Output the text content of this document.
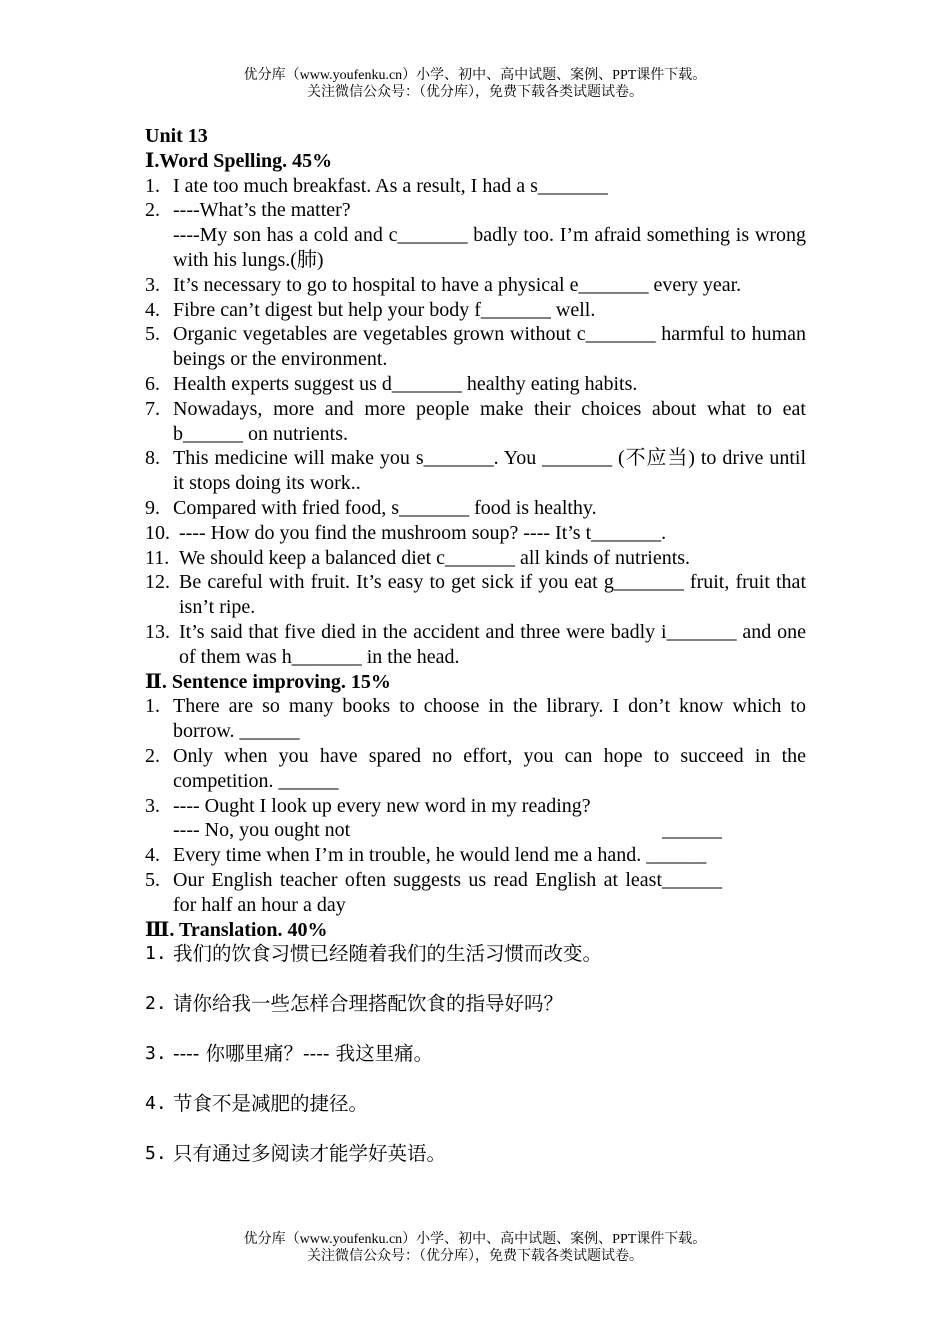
优分库（www.youfenku.cn）小学、初中、高中试题、案例、PPT课件下载。
关注微信公众号：（优分库），免费下载各类试题试卷。
Unit 13
Ⅰ.Word Spelling. 45%
1. I ate too much breakfast. As a result, I had a s_______
2. ----What’s the matter?
----My son has a cold and c_______ badly too. I’m afraid something is wrong with his lungs.(肺)
3. It’s necessary to go to hospital to have a physical e_______ every year.
4. Fibre can’t digest but help your body f_______ well.
5. Organic vegetables are vegetables grown without c_______ harmful to human beings or the environment.
6. Health experts suggest us d_______ healthy eating habits.
7. Nowadays, more and more people make their choices about what to eat b______ on nutrients.
8. This medicine will make you s_______. You _______ (不应当) to drive until it stops doing its work..
9. Compared with fried food, s_______ food is healthy.
10. ---- How do you find the mushroom soup? ---- It’s t_______.
11. We should keep a balanced diet c_______ all kinds of nutrients.
12. Be careful with fruit. It’s easy to get sick if you eat g_______ fruit, fruit that isn’t ripe.
13. It’s said that five died in the accident and three were badly i_______ and one of them was h_______ in the head.
Ⅱ. Sentence improving. 15%
1. There are so many books to choose in the library. I don’t know which to borrow. ______
2. Only when you have spared no effort, you can hope to succeed in the competition. ______
3. ---- Ought I look up every new word in my reading?
---- No, you ought not	______
4. Every time when I’m in trouble, he would lend me a hand. ______
5. Our English teacher often suggests us read English at least for half an hour a day
______
Ⅲ. Translation. 40%
1. 我们的饮食习惯已经随着我们的生活习惯而改变。
2. 请你给我一些怎样合理搭配饮食的指导好吗？
3. ---- 你哪里痛？---- 我这里痛。
4. 节食不是减肥的捷径。
5. 只有通过多阅读才能学好英语。
优分库（www.youfenku.cn）小学、初中、高中试题、案例、PPT课件下载。
关注微信公众号：（优分库），免费下载各类试题试卷。
